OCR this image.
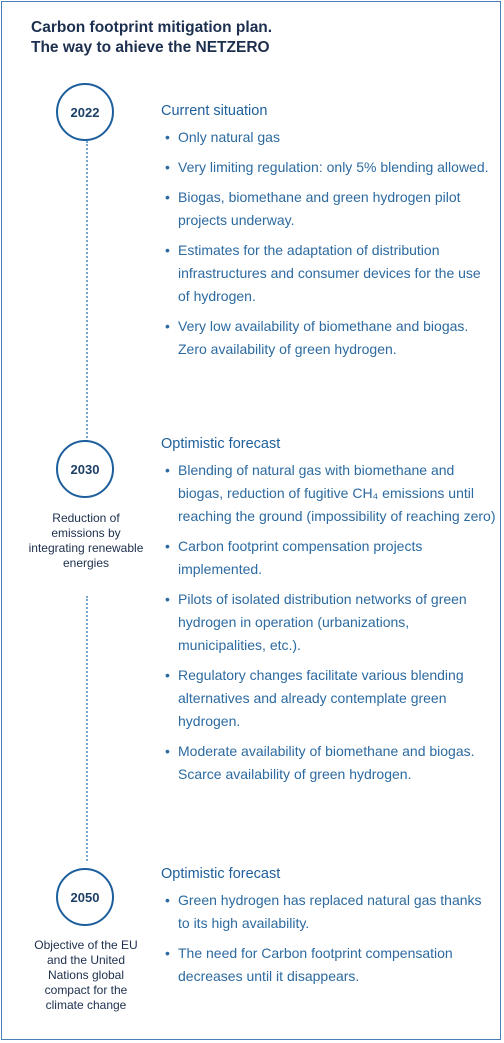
Carbon footprint mitigation plan.
The way to ahieve the NETZERO
2022	Current situation
• Only natural gas
• Very limiting regulation: only 5% blending allowed.
• Biogas, biomethane and green hydrogen pilot projects underway.
• Estimates for the adaptation of distribution infrastructures and consumer devices for the use of hydrogen.
• Very low availability of biomethane and biogas. Zero availability of green hydrogen.
2030
Reduction of emissions by integrating renewable energies
Optimistic forecast
• Blending of natural gas with biomethane and biogas, reduction of fugitive CH₄ emissions until reaching the ground (impossibility of reaching zero)
• Carbon footprint compensation projects implemented.
• Pilots of isolated distribution networks of green hydrogen in operation (urbanizations, municipalities, etc.).
• Regulatory changes facilitate various blending alternatives and already contemplate green hydrogen.
• Moderate availability of biomethane and biogas. Scarce availability of green hydrogen.
2050
Objective of the EU and the United Nations global compact for the climate change
Optimistic forecast
• Green hydrogen has replaced natural gas thanks to its high availability.
• The need for Carbon footprint compensation decreases until it disappears.
